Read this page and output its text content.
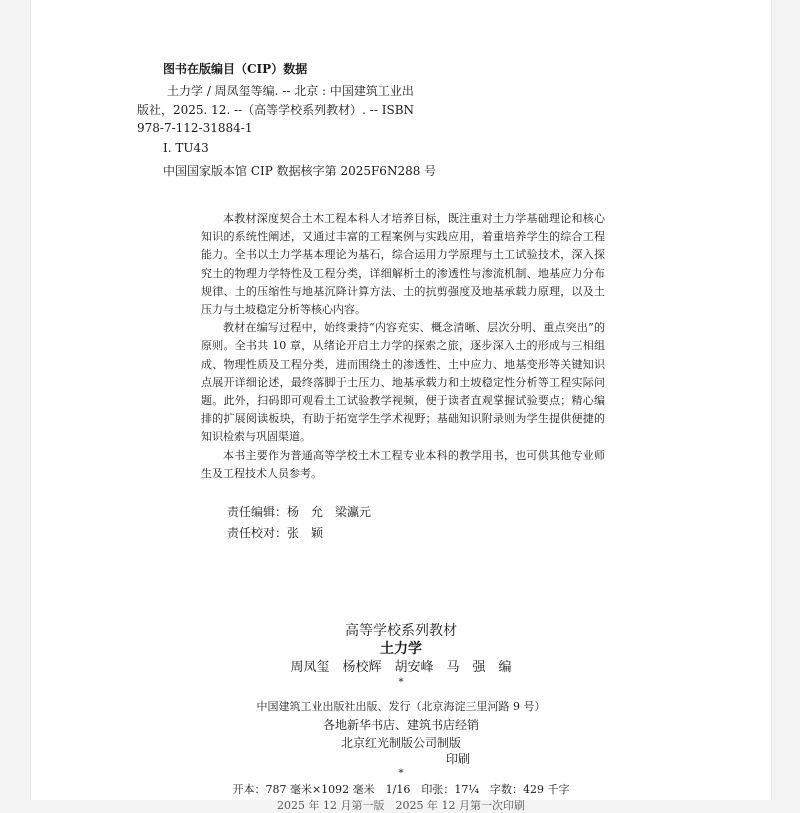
图书在版编目（CIP）数据
土力学 / 周凤玺等编. -- 北京 : 中国建筑工业出
版社，2025. 12. --（高等学校系列教材）. -- ISBN
978-7-112-31884-1
Ⅰ. TU43
中国国家版本馆 CIP 数据核字第 2025F6N288 号

本教材深度契合土木工程本科人才培养目标，既注重对土力学基础理论和核心知识的系统性阐述，又通过丰富的工程案例与实践应用，着重培养学生的综合工程能力。全书以土力学基本理论为基石，综合运用力学原理与土工试验技术，深入探究土的物理力学特性及工程分类，详细解析土的渗透性与渗流机制、地基应力分布规律、土的压缩性与地基沉降计算方法、土的抗剪强度及地基承载力原理，以及土压力与土坡稳定分析等核心内容。

教材在编写过程中，始终秉持“内容充实、概念清晰、层次分明、重点突出”的原则。全书共 10 章，从绪论开启土力学的探索之旅，逐步深入土的形成与三相组成、物理性质及工程分类，进而围绕土的渗透性、土中应力、地基变形等关键知识点展开详细论述，最终落脚于土压力、地基承载力和土坡稳定性分析等工程实际问题。此外，扫码即可观看土工试验教学视频，便于读者直观掌握试验要点；精心编排的扩展阅读板块，有助于拓宽学生学术视野；基础知识附录则为学生提供便捷的知识检索与巩固渠道。

本书主要作为普通高等学校土木工程专业本科的教学用书，也可供其他专业师生及工程技术人员参考。

责任编辑：杨　允　梁瀛元
责任校对：张　颖
高等学校系列教材
土力学
周凤玺　杨校辉　胡安峰　马　强　编
*
中国建筑工业出版社出版、发行（北京海淀三里河路 9 号）
各地新华书店、建筑书店经销
北京红光制版公司制版
印刷
*
开本：787 毫米×1092 毫米　1/16　印张：17¼　字数：429 千字
2025 年 12 月第一版　2025 年 12 月第一次印刷
